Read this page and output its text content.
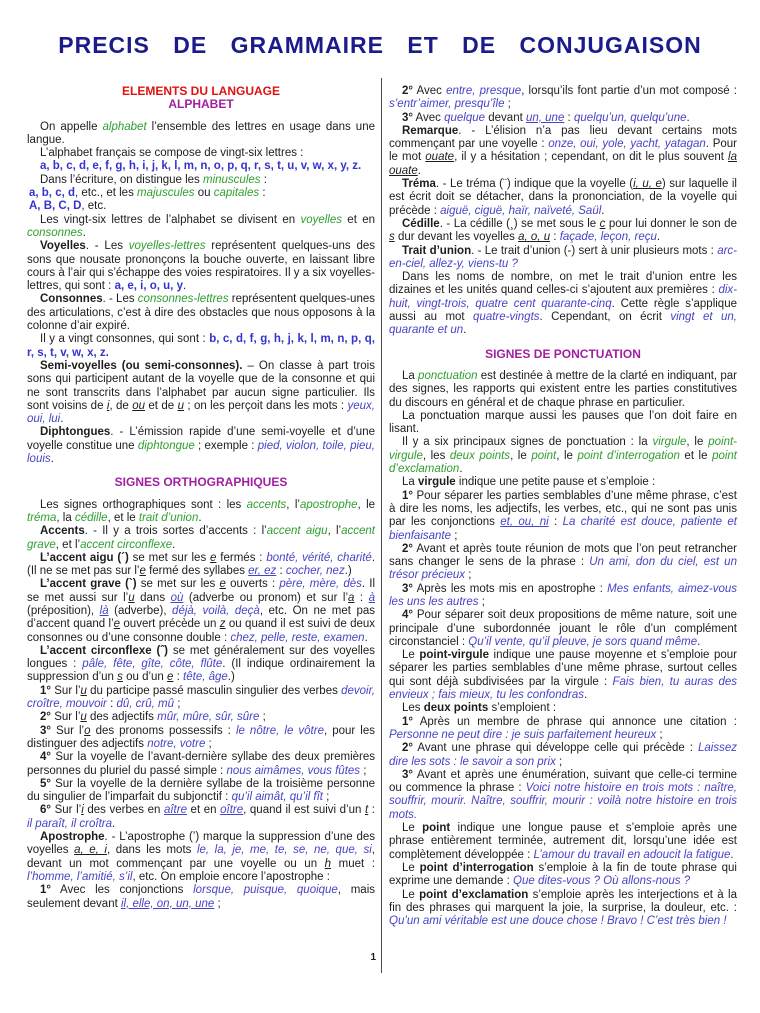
PRECIS DE GRAMMAIRE ET DE CONJUGAISON
ELEMENTS DU LANGUAGE
ALPHABET

On appelle alphabet l’ensemble des lettres en usage dans une langue.

L’alphabet français se compose de vingt-six lettres :

a, b, c, d, e, f, g, h, i, j, k, l, m, n, o, p, q, r, s, t, u, v, w, x, y, z.

Dans l’écriture, on distingue les minuscules :

a, b, c, d, etc., et les majuscules ou capitales :

A, B, C, D, etc.

Les vingt-six lettres de l’alphabet se divisent en voyelles et en consonnes.

Voyelles. - Les voyelles-lettres représentent quelques-uns des sons que nousate prononçons la bouche ouverte, en laissant libre cours à l’air qui s’échappe des voies respiratoires. Il y a six voyelles-lettres, qui sont : a, e, i, o, u, y.

Consonnes. - Les consonnes-lettres représentent quelques-unes des articulations, c’est à dire des obstacles que nous opposons à la colonne d’air expiré.

Il y a vingt consonnes, qui sont : b, c, d, f, g, h, j, k, l, m, n, p, q, r, s, t, v, w, x, z.

Semi-voyelles (ou semi-consonnes). – On classe à part trois sons qui participent autant de la voyelle que de la consonne et qui ne sont transcrits dans l’alphabet par aucun signe particulier. Ils sont voisins de i, de ou et de u ; on les perçoit dans les mots : yeux, oui, lui.

Diphtongues. - L’émission rapide d’une semi-voyelle et d’une voyelle constitue une diphtongue ; exemple : pied, violon, toile, pieu, louis.

SIGNES ORTHOGRAPHIQUES

Les signes orthographiques sont : les accents, l’apostrophe, le tréma, la cédille, et le trait d’union.

Accents. - Il y a trois sortes d’accents : l’accent aigu, l’accent grave, et l’accent circonflexe.

L’accent aigu (´) se met sur les e fermés : bonté, vérité, charité. (Il ne se met pas sur l’e fermé des syllabes er, ez : cocher, nez.)

L’accent grave (`) se met sur les e ouverts : père, mère, dès. Il se met aussi sur l’u dans où (adverbe ou pronom) et sur l’a : à (préposition), là (adverbe), déjà, voilà, deçà, etc. On ne met pas d’accent quand l’e ouvert précède un z ou quand il est suivi de deux consonnes ou d’une consonne double : chez, pelle, reste, examen.

L’accent circonflexe (ˆ) se met généralement sur des voyelles longues : pâle, fête, gîte, côte, flûte. (Il indique ordinairement la suppression d’un s ou d’un e : tête, âge.)

1° Sur l’u du participe passé masculin singulier des verbes devoir, croître, mouvoir : dû, crû, mû ;

2° Sur l’u des adjectifs mûr, mûre, sûr, sûre ;

3° Sur l’o des pronoms possessifs : le nôtre, le vôtre, pour les distinguer des adjectifs notre, votre ;

4° Sur la voyelle de l’avant-dernière syllabe des deux premières personnes du pluriel du passé simple : nous aimâmes, vous fûtes ;

5° Sur la voyelle de la dernière syllabe de la troisième personne du singulier de l’imparfait du subjonctif : qu’il aimât, qu’il fît ;

6° Sur l’i des verbes en aître et en oître, quand il est suivi d’un t : il paraît, il croîtra.

Apostrophe. - L’apostrophe (’) marque la suppression d’une des voyelles a, e, i, dans les mots le, la, je, me, te, se, ne, que, si, devant un mot commençant par une voyelle ou un h muet : l’homme, l’amitié, s’il, etc. On emploie encore l’apostrophe :

1° Avec les conjonctions lorsque, puisque, quoique, mais seulement devant il, elle, on, un, une ;

2° Avec entre, presque, lorsqu’ils font partie d’un mot composé : s’entr’aimer, presqu’île ;

3° Avec quelque devant un, une : quelqu’un, quelqu’une.

Remarque. - L’élision n’a pas lieu devant certains mots commençant par une voyelle : onze, oui, yole, yacht, yatagan. Pour le mot ouate, il y a hésitation ; cependant, on dit le plus souvent la ouate.

Tréma. - Le tréma (¨) indique que la voyelle (i, u, e) sur laquelle il est écrit doit se détacher, dans la prononciation, de la voyelle qui précède : aiguë, ciguë, haïr, naïveté, Saül.

Cédille. - La cédille (¸) se met sous le c pour lui donner le son de s dur devant les voyelles a, o, u : façade, leçon, reçu.

Trait d’union. - Le trait d’union (-) sert à unir plusieurs mots : arc-en-ciel, allez-y, viens-tu ?

Dans les noms de nombre, on met le trait d’union entre les dizaines et les unités quand celles-ci s’ajoutent aux premières : dix-huit, vingt-trois, quatre cent quarante-cinq. Cette règle s’applique aussi au mot quatre-vingts. Cependant, on écrit vingt et un, quarante et un.

SIGNES DE PONCTUATION

La ponctuation est destinée à mettre de la clarté en indiquant, par des signes, les rapports qui existent entre les parties constitutives du discours en général et de chaque phrase en particulier.

La ponctuation marque aussi les pauses que l’on doit faire en lisant.

Il y a six principaux signes de ponctuation : la virgule, le point-virgule, les deux points, le point, le point d’interrogation et le point d’exclamation.

La virgule indique une petite pause et s’emploie :

1° Pour séparer les parties semblables d’une même phrase, c’est à dire les noms, les adjectifs, les verbes, etc., qui ne sont pas unis par les conjonctions et, ou, ni : La charité est douce, patiente et bienfaisante ;

2° Avant et après toute réunion de mots que l’on peut retrancher sans changer le sens de la phrase : Un ami, don du ciel, est un trésor précieux ;

3° Après les mots mis en apostrophe : Mes enfants, aimez-vous les uns les autres ;

4° Pour séparer soit deux propositions de même nature, soit une principale d’une subordonnée jouant le rôle d’un complément circonstanciel : Qu’il vente, qu’il pleuve, je sors quand même.

Le point-virgule indique une pause moyenne et s’emploie pour séparer les parties semblables d’une même phrase, surtout celles qui sont déjà subdivisées par la virgule : Fais bien, tu auras des envieux ; fais mieux, tu les confondras.

Les deux points s’emploient :

1° Après un membre de phrase qui annonce une citation : Personne ne peut dire : je suis parfaitement heureux ;

2° Avant une phrase qui développe celle qui précède : Laissez dire les sots : le savoir a son prix ;

3° Avant et après une énumération, suivant que celle-ci termine ou commence la phrase : Voici notre histoire en trois mots : naître, souffrir, mourir. Naître, souffrir, mourir : voilà notre histoire en trois mots.

Le point indique une longue pause et s’emploie après une phrase entièrement terminée, autrement dit, lorsqu’une idée est complètement développée : L’amour du travail en adoucit la fatigue.

Le point d’interrogation s’emploie à la fin de toute phrase qui exprime une demande : Que dites-vous ? Où allons-nous ?

Le point d’exclamation s’emploie après les interjections et à la fin des phrases qui marquent la joie, la surprise, la douleur, etc. : Qu’un ami véritable est une douce chose ! Bravo ! C’est très bien !

1
